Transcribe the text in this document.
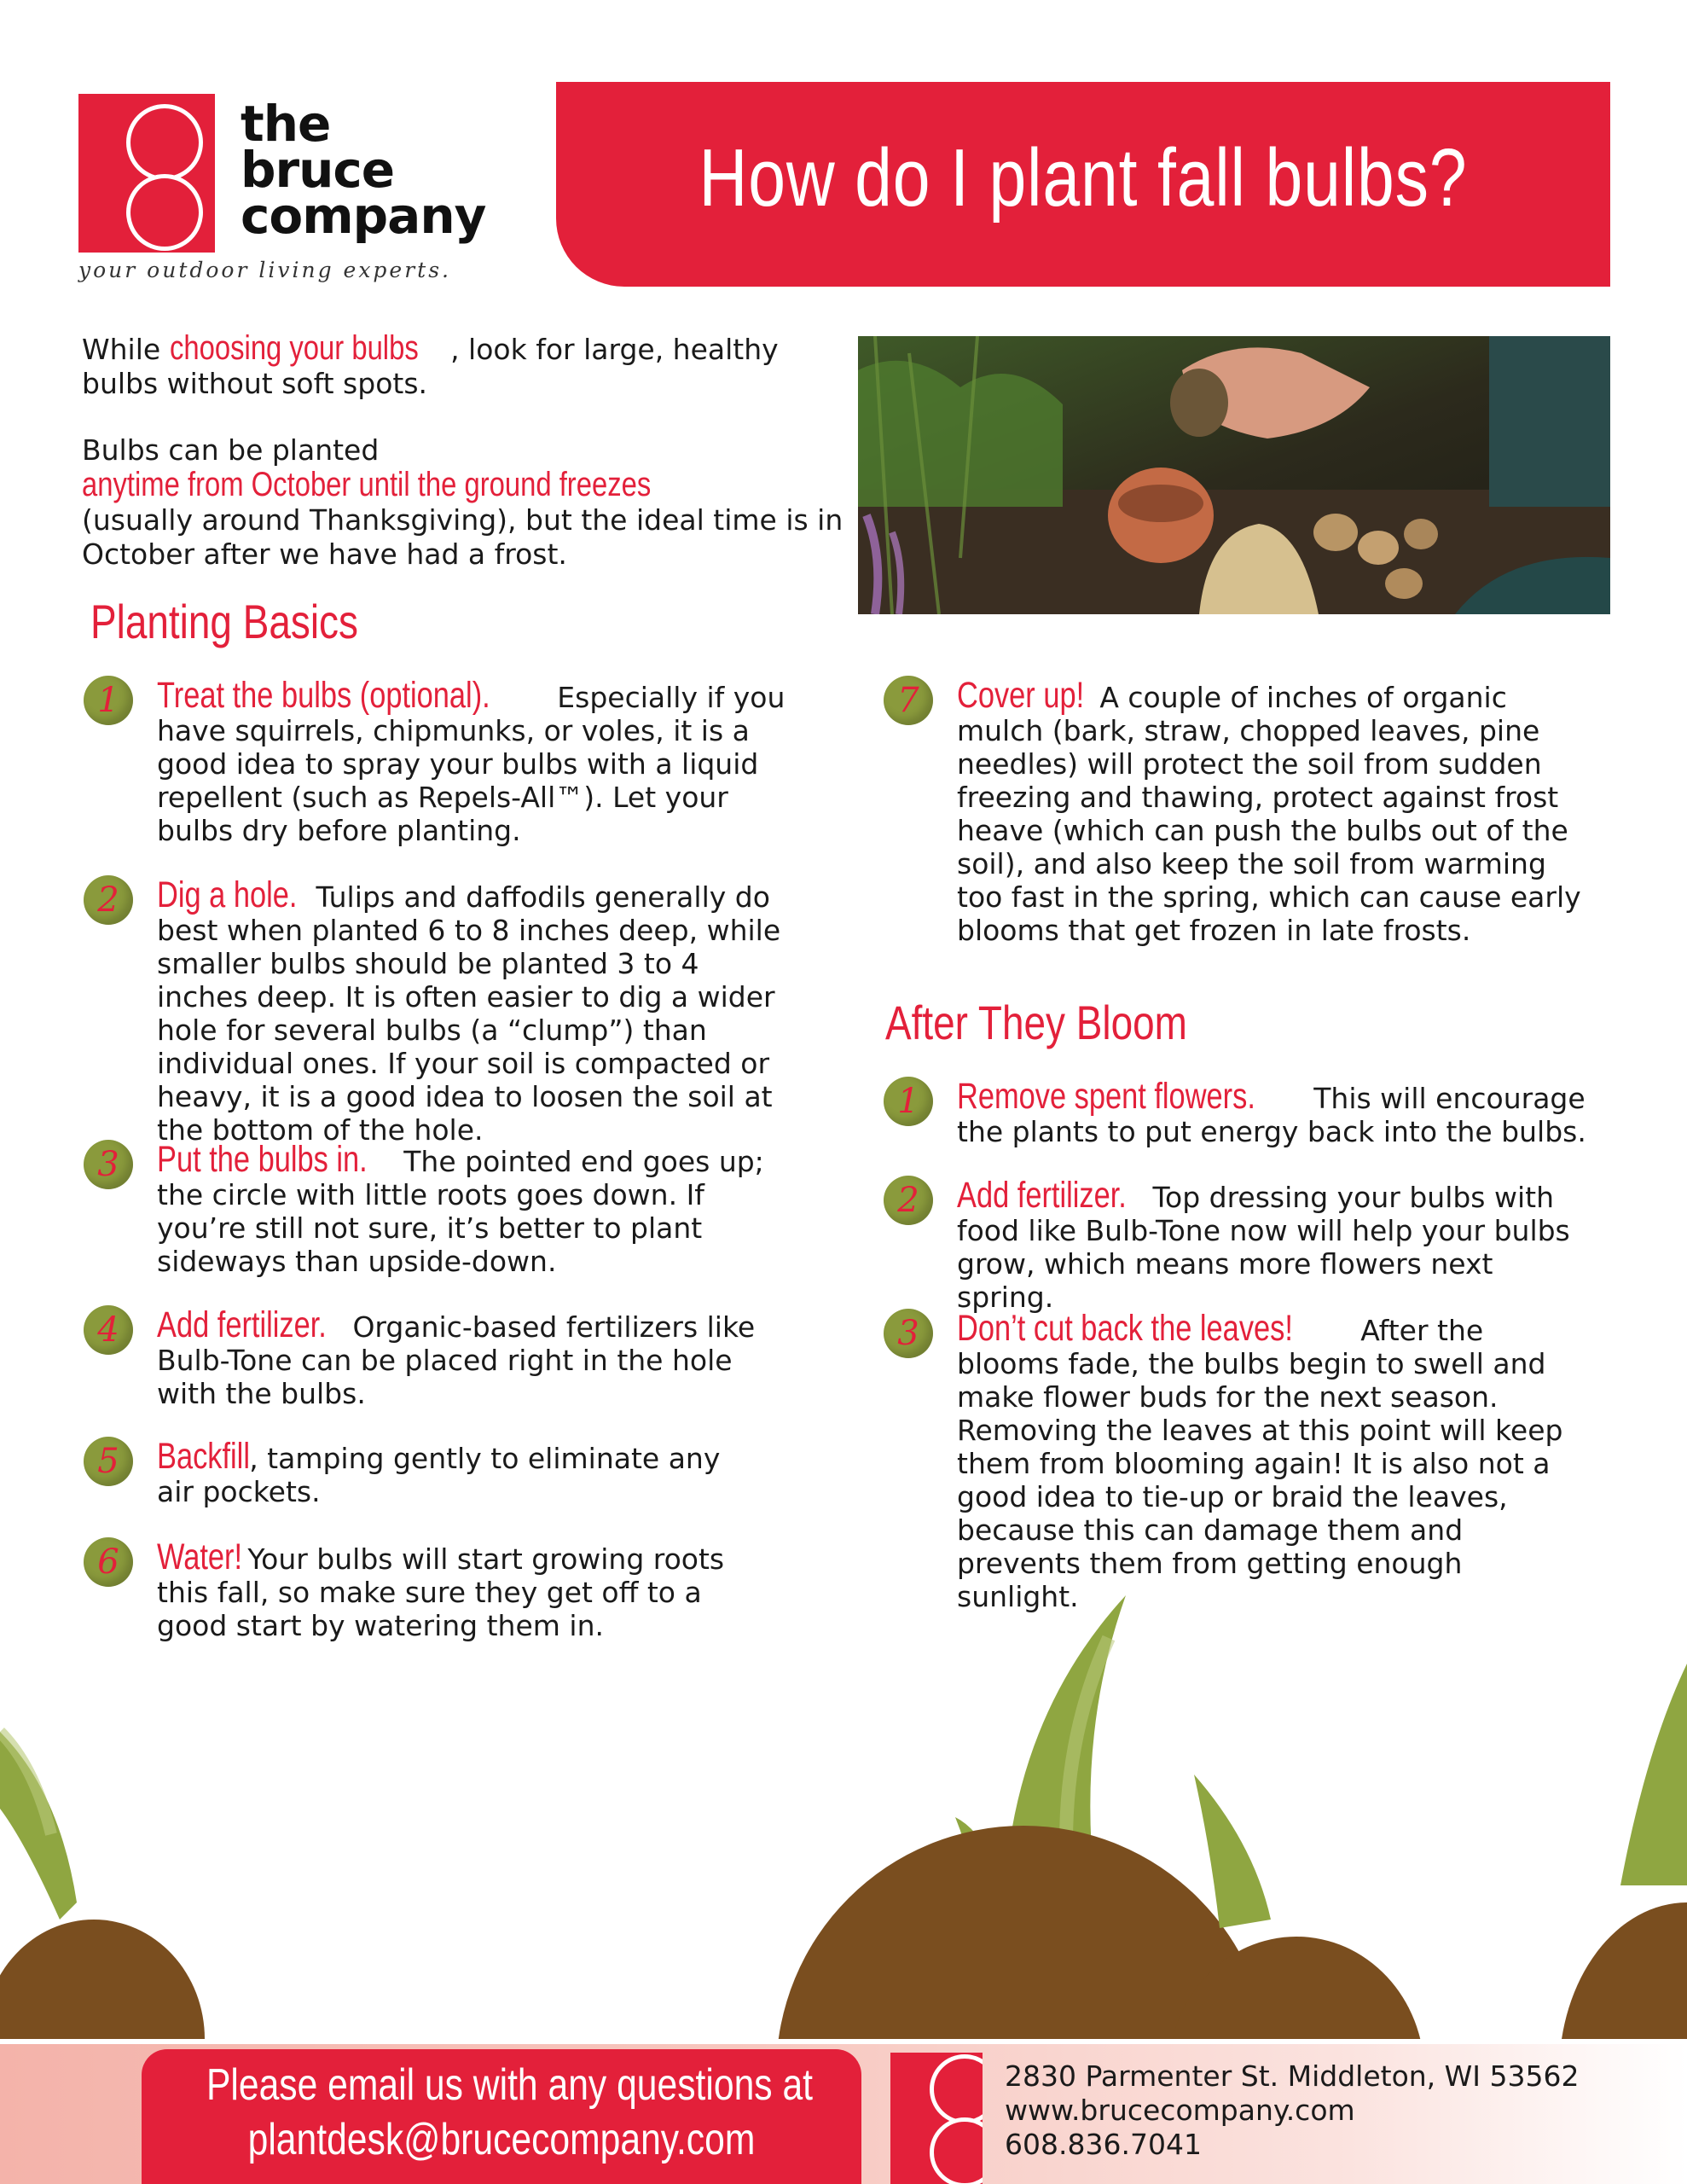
the
bruce
company
your outdoor living experts.
How do I plant fall bulbs?
While choosing your bulbs , look for large, healthy bulbs without soft spots.
Bulbs can be planted anytime from October until the ground freezes (usually around Thanksgiving), but the ideal time is in October after we have had a frost.
Planting Basics
1 Treat the bulbs (optional). Especially if you have squirrels, chipmunks, or voles, it is a good idea to spray your bulbs with a liquid repellent (such as Repels-All™). Let your bulbs dry before planting.
2 Dig a hole. Tulips and daffodils generally do best when planted 6 to 8 inches deep, while smaller bulbs should be planted 3 to 4 inches deep. It is often easier to dig a wider hole for several bulbs (a “clump”) than individual ones. If your soil is compacted or heavy, it is a good idea to loosen the soil at the bottom of the hole.
3 Put the bulbs in. The pointed end goes up; the circle with little roots goes down. If you’re still not sure, it’s better to plant sideways than upside-down.
4 Add fertilizer. Organic-based fertilizers like Bulb-Tone can be placed right in the hole with the bulbs.
5 Backfill, tamping gently to eliminate any air pockets.
6 Water! Your bulbs will start growing roots this fall, so make sure they get off to a good start by watering them in.
7 Cover up! A couple of inches of organic mulch (bark, straw, chopped leaves, pine needles) will protect the soil from sudden freezing and thawing, protect against frost heave (which can push the bulbs out of the soil), and also keep the soil from warming too fast in the spring, which can cause early blooms that get frozen in late frosts.
After They Bloom
1 Remove spent flowers. This will encourage the plants to put energy back into the bulbs.
2 Add fertilizer. Top dressing your bulbs with food like Bulb-Tone now will help your bulbs grow, which means more flowers next spring.
3 Don’t cut back the leaves! After the blooms fade, the bulbs begin to swell and make flower buds for the next season. Removing the leaves at this point will keep them from blooming again! It is also not a good idea to tie-up or braid the leaves, because this can damage them and prevents them from getting enough sunlight.
Please email us with any questions at
plantdesk@brucecompany.com
2830 Parmenter St. Middleton, WI 53562
www.brucecompany.com
608.836.7041
